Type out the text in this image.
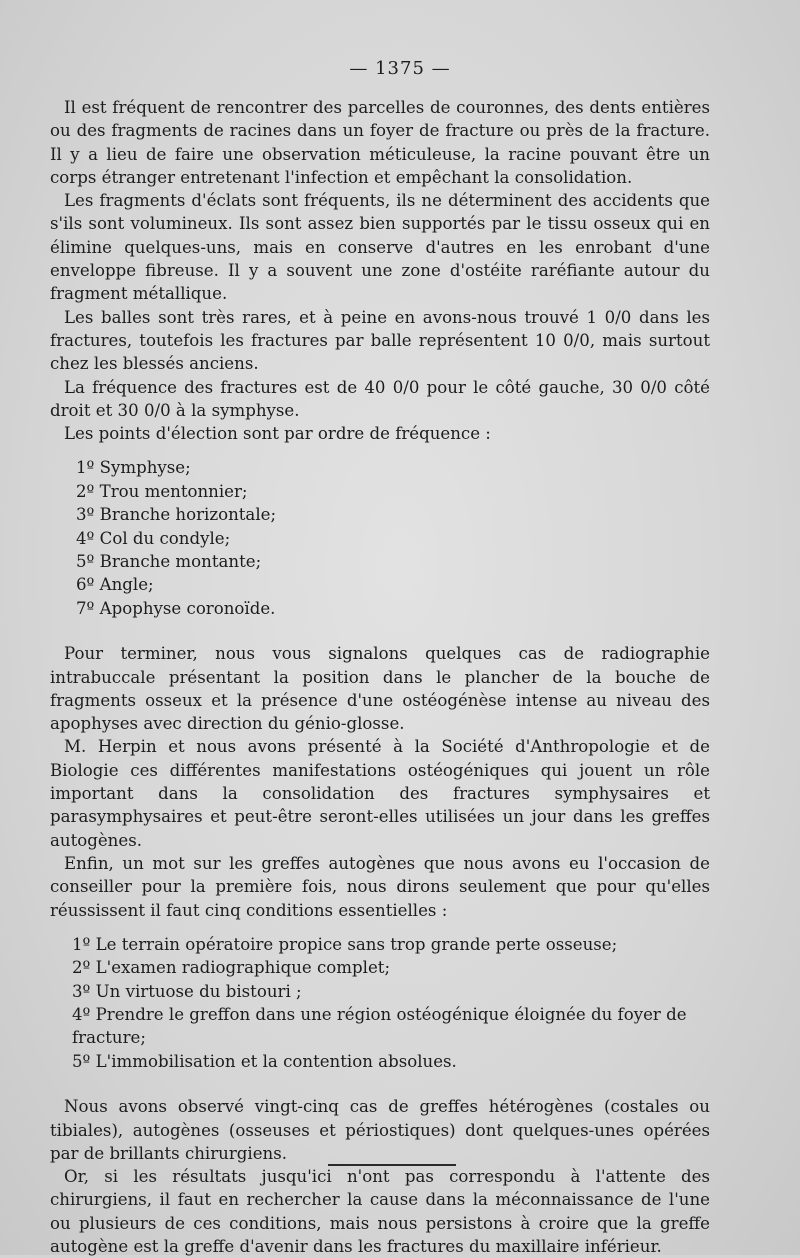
— 1375 —

Il est fréquent de rencontrer des parcelles de couronnes, des dents entières ou des fragments de racines dans un foyer de fracture ou près de la fracture. Il y a lieu de faire une observation méticuleuse, la racine pouvant être un corps étranger entretenant l'infection et empêchant la consolidation.

Les fragments d'éclats sont fréquents, ils ne déterminent des accidents que s'ils sont volumineux. Ils sont assez bien supportés par le tissu osseux qui en élimine quelques-uns, mais en conserve d'autres en les enrobant d'une enveloppe fibreuse. Il y a souvent une zone d'ostéite raréfiante autour du fragment métallique.

Les balles sont très rares, et à peine en avons-nous trouvé 1 0/0 dans les fractures, toutefois les fractures par balle représentent 10 0/0, mais surtout chez les blessés anciens.

La fréquence des fractures est de 40 0/0 pour le côté gauche, 30 0/0 côté droit et 30 0/0 à la symphyse.

Les points d'élection sont par ordre de fréquence :

1º Symphyse;
2º Trou mentonnier;
3º Branche horizontale;
4º Col du condyle;
5º Branche montante;
6º Angle;
7º Apophyse coronoïde.

Pour terminer, nous vous signalons quelques cas de radiographie intrabuccale présentant la position dans le plancher de la bouche de fragments osseux et la présence d'une ostéogénèse intense au niveau des apophyses avec direction du génio-glosse.

M. Herpin et nous avons présenté à la Société d'Anthropologie et de Biologie ces différentes manifestations ostéogéniques qui jouent un rôle important dans la consolidation des fractures symphysaires et parasymphysaires et peut-être seront-elles utilisées un jour dans les greffes autogènes.

Enfin, un mot sur les greffes autogènes que nous avons eu l'occasion de conseiller pour la première fois, nous dirons seulement que pour qu'elles réussissent il faut cinq conditions essentielles :

1º Le terrain opératoire propice sans trop grande perte osseuse;
2º L'examen radiographique complet;
3º Un virtuose du bistouri ;
4º Prendre le greffon dans une région ostéogénique éloignée du foyer de fracture;
5º L'immobilisation et la contention absolues.

Nous avons observé vingt-cinq cas de greffes hétérogènes (costales ou tibiales), autogènes (osseuses et périostiques) dont quelques-unes opérées par de brillants chirurgiens.

Or, si les résultats jusqu'ici n'ont pas correspondu à l'attente des chirurgiens, il faut en rechercher la cause dans la méconnaissance de l'une ou plusieurs de ces conditions, mais nous persistons à croire que la greffe autogène est la greffe d'avenir dans les fractures du maxillaire inférieur.
